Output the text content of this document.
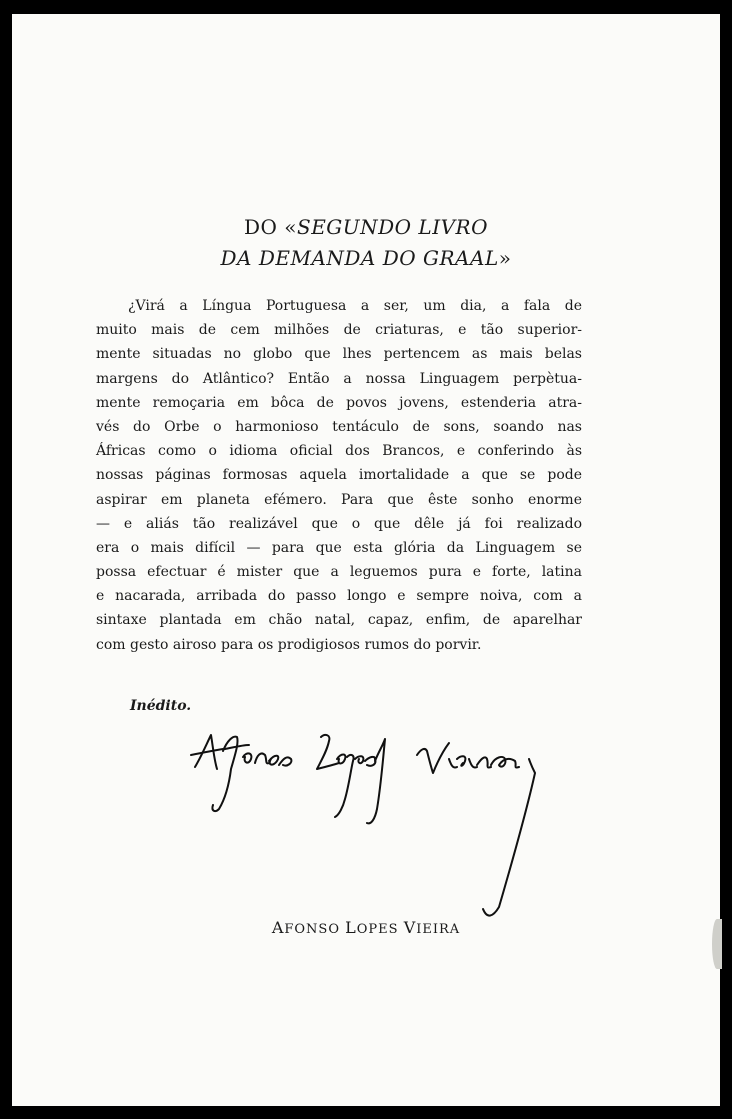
DO «SEGUNDO LIVRO
DA DEMANDA DO GRAAL»
¿Virá a Língua Portuguesa a ser, um dia, a fala de
muito mais de cem milhões de criaturas, e tão superior-
mente situadas no globo que lhes pertencem as mais belas
margens do Atlântico? Então a nossa Linguagem perpètua-
mente remoçaria em bôca de povos jovens, estenderia atra-
vés do Orbe o harmonioso tentáculo de sons, soando nas
Áfricas como o idioma oficial dos Brancos, e conferindo às
nossas páginas formosas aquela imortalidade a que se pode
aspirar em planeta efémero. Para que êste sonho enorme
— e aliás tão realizável que o que dêle já foi realizado
era o mais difícil — para que esta glória da Linguagem se
possa efectuar é mister que a leguemos pura e forte, latina
e nacarada, arribada do passo longo e sempre noiva, com a
sintaxe plantada em chão natal, capaz, enfim, de aparelhar
com gesto airoso para os prodigiosos rumos do porvir.
Inédito.
AFONSO LOPES VIEIRA
